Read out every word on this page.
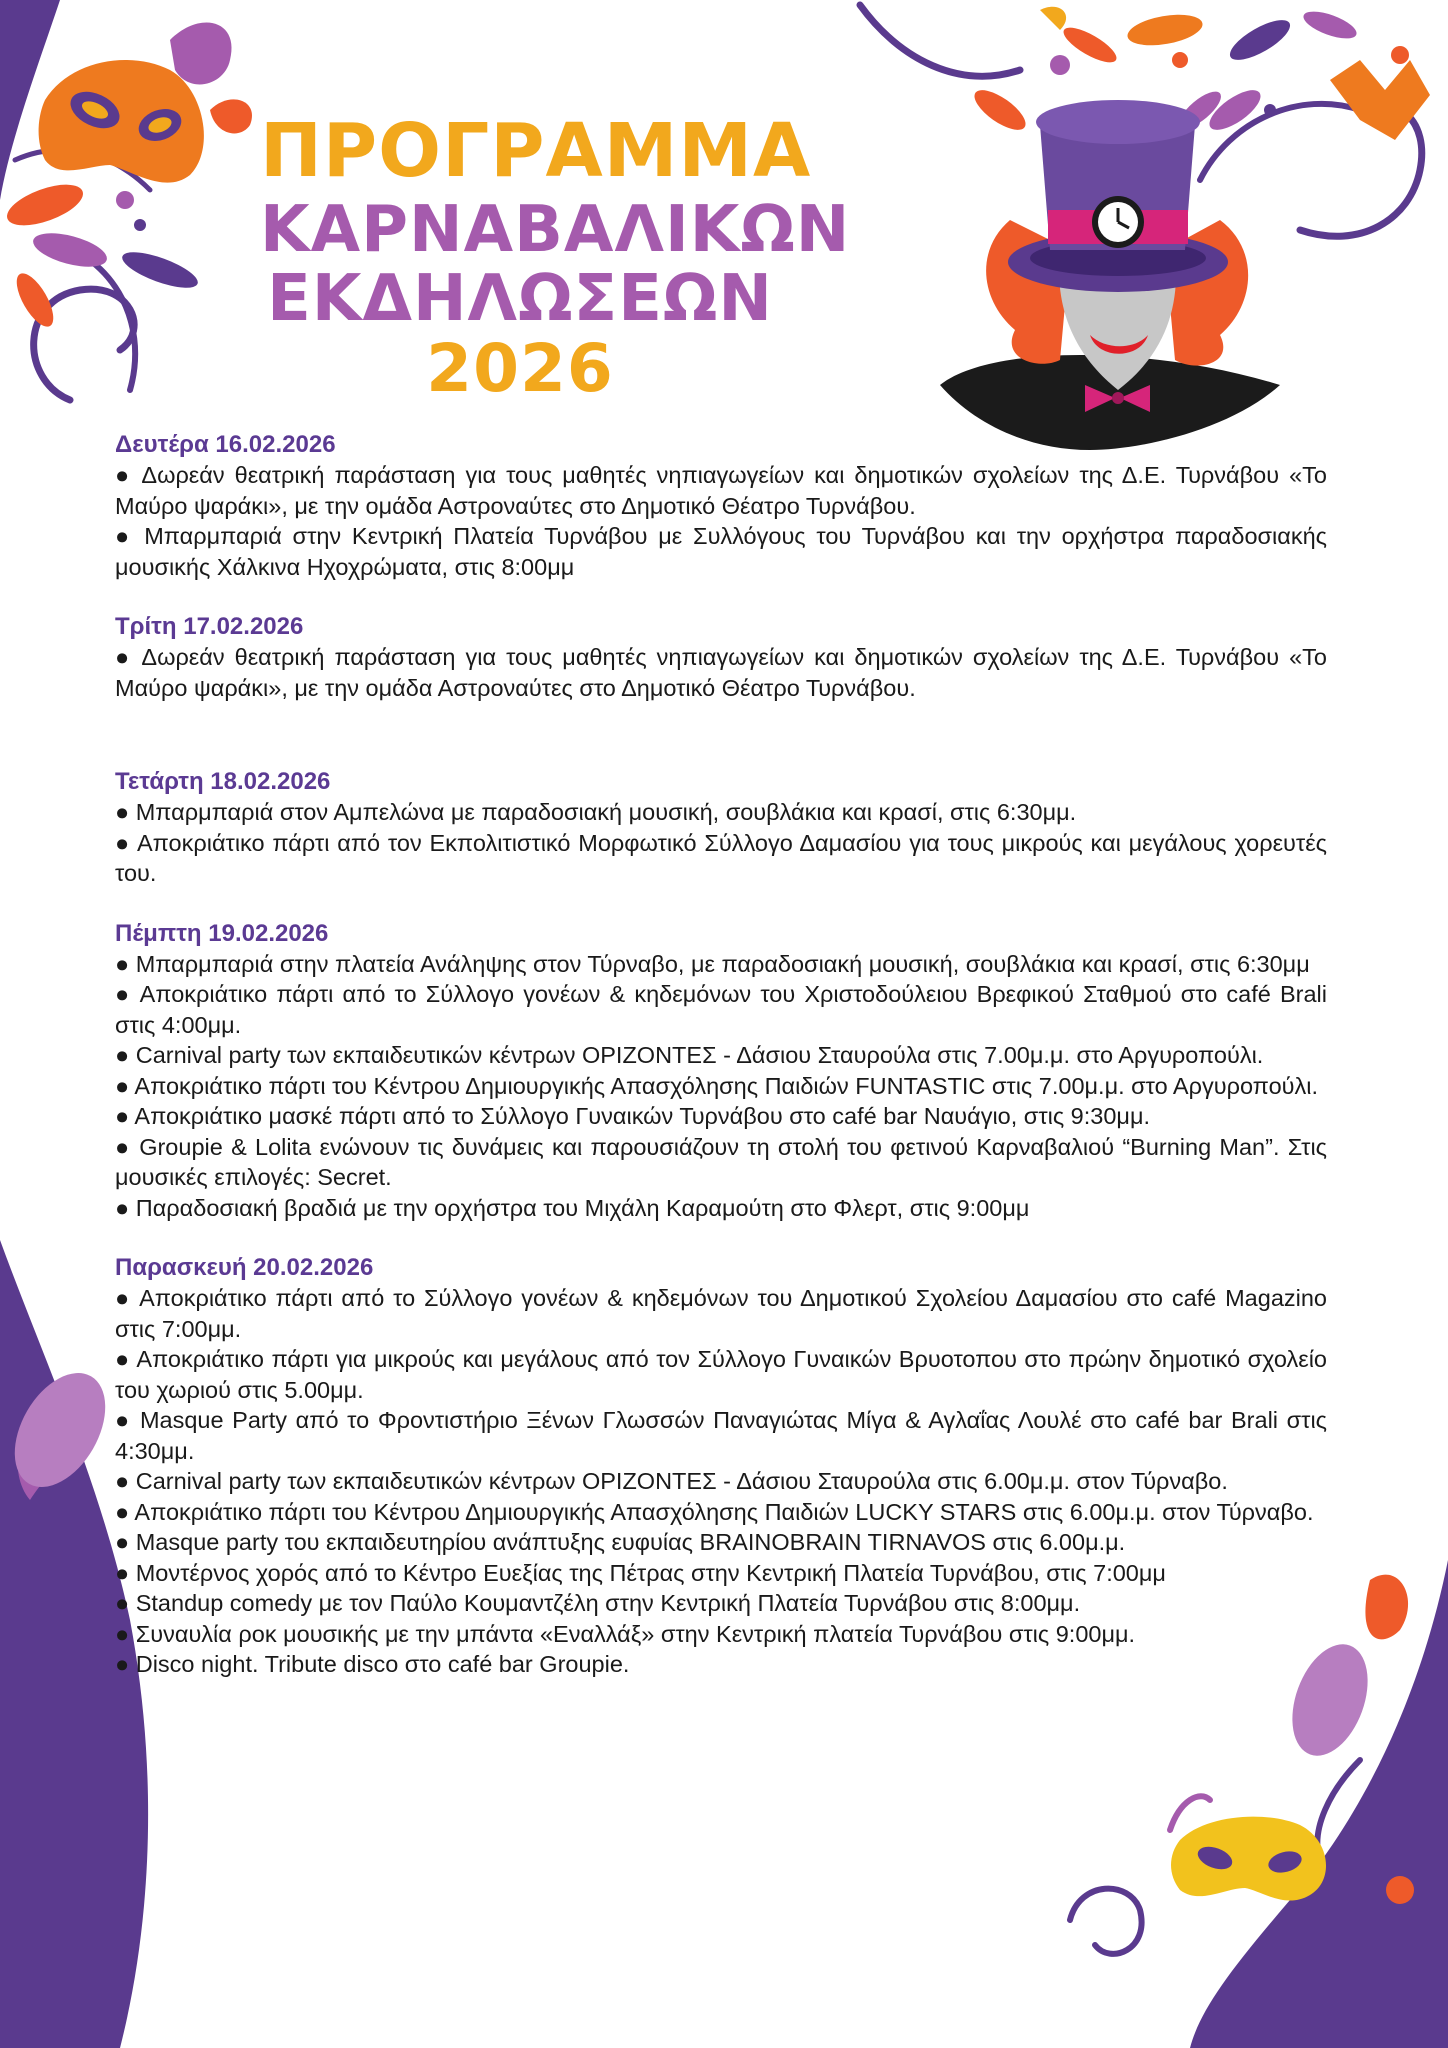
ΠΡΟΓΡΑΜΜΑ
ΚΑΡΝΑΒΑΛΙΚΩΝ
ΕΚΔΗΛΩΣΕΩΝ
2026
Δευτέρα 16.02.2026
● Δωρεάν θεατρική παράσταση για τους μαθητές νηπιαγωγείων και δημοτικών σχολείων της Δ.Ε. Τυρνάβου «Το Μαύρο ψαράκι», με την ομάδα Αστροναύτες στο Δημοτικό Θέατρο Τυρνάβου.
● Μπαρμπαριά στην Κεντρική Πλατεία Τυρνάβου με Συλλόγους του Τυρνάβου και την ορχήστρα παραδοσιακής μουσικής Χάλκινα Ηχοχρώματα, στις 8:00μμ
Τρίτη 17.02.2026
● Δωρεάν θεατρική παράσταση για τους μαθητές νηπιαγωγείων και δημοτικών σχολείων της Δ.Ε. Τυρνάβου «Το Μαύρο ψαράκι», με την ομάδα Αστροναύτες στο Δημοτικό Θέατρο Τυρνάβου.
Τετάρτη 18.02.2026
● Μπαρμπαριά στον Αμπελώνα με παραδοσιακή μουσική, σουβλάκια και κρασί, στις 6:30μμ.
● Αποκριάτικο πάρτι από τον Εκπολιτιστικό Μορφωτικό Σύλλογο Δαμασίου για τους μικρούς και μεγάλους χορευτές του.
Πέμπτη 19.02.2026
● Μπαρμπαριά στην πλατεία Ανάληψης στον Τύρναβο, με παραδοσιακή μουσική, σουβλάκια και κρασί, στις 6:30μμ
● Αποκριάτικο πάρτι από το Σύλλογο γονέων & κηδεμόνων του Χριστοδούλειου Βρεφικού Σταθμού στο café Brali στις 4:00μμ.
● Carnival party των εκπαιδευτικών κέντρων ΟΡΙΖΟΝΤΕΣ - Δάσιου Σταυρούλα στις 7.00μ.μ. στο Αργυροπούλι.
● Αποκριάτικο πάρτι του Κέντρου Δημιουργικής Απασχόλησης Παιδιών FUNTASTIC στις 7.00μ.μ. στο Αργυροπούλι.
● Αποκριάτικο μασκέ πάρτι από το Σύλλογο Γυναικών Τυρνάβου στο café bar Ναυάγιο, στις 9:30μμ.
● Groupie & Lolita ενώνουν τις δυνάμεις και παρουσιάζουν τη στολή του φετινού Καρναβαλιού “Burning Man”. Στις μουσικές επιλογές: Secret.
● Παραδοσιακή βραδιά με την ορχήστρα του Μιχάλη Καραμούτη στο Φλερτ, στις 9:00μμ
Παρασκευή 20.02.2026
● Αποκριάτικο πάρτι από το Σύλλογο γονέων & κηδεμόνων του Δημοτικού Σχολείου Δαμασίου στο café Magazino στις 7:00μμ.
● Αποκριάτικο πάρτι για μικρούς και μεγάλους από τον Σύλλογο Γυναικών Βρυοτοπου στο πρώην δημοτικό σχολείο του χωριού στις 5.00μμ.
● Masque Party από το Φροντιστήριο Ξένων Γλωσσών Παναγιώτας Μίγα & Αγλαΐας Λουλέ στο café bar Brali στις 4:30μμ.
● Carnival party των εκπαιδευτικών κέντρων ΟΡΙΖΟΝΤΕΣ - Δάσιου Σταυρούλα στις 6.00μ.μ. στον Τύρναβο.
● Αποκριάτικο πάρτι του Κέντρου Δημιουργικής Απασχόλησης Παιδιών LUCKY STARS στις 6.00μ.μ. στον Τύρναβο.
● Masque party του εκπαιδευτηρίου ανάπτυξης ευφυίας BRAINOBRAIN TIRNAVOS στις 6.00μ.μ.
● Μοντέρνος χορός από το Κέντρο Ευεξίας της Πέτρας στην Κεντρική Πλατεία Τυρνάβου, στις 7:00μμ
● Standup comedy με τον Παύλο Κουμαντζέλη στην Κεντρική Πλατεία Τυρνάβου στις 8:00μμ.
● Συναυλία ροκ μουσικής με την μπάντα «Εναλλάξ» στην Κεντρική πλατεία Τυρνάβου στις 9:00μμ.
● Disco night. Tribute disco στο café bar Groupie.
